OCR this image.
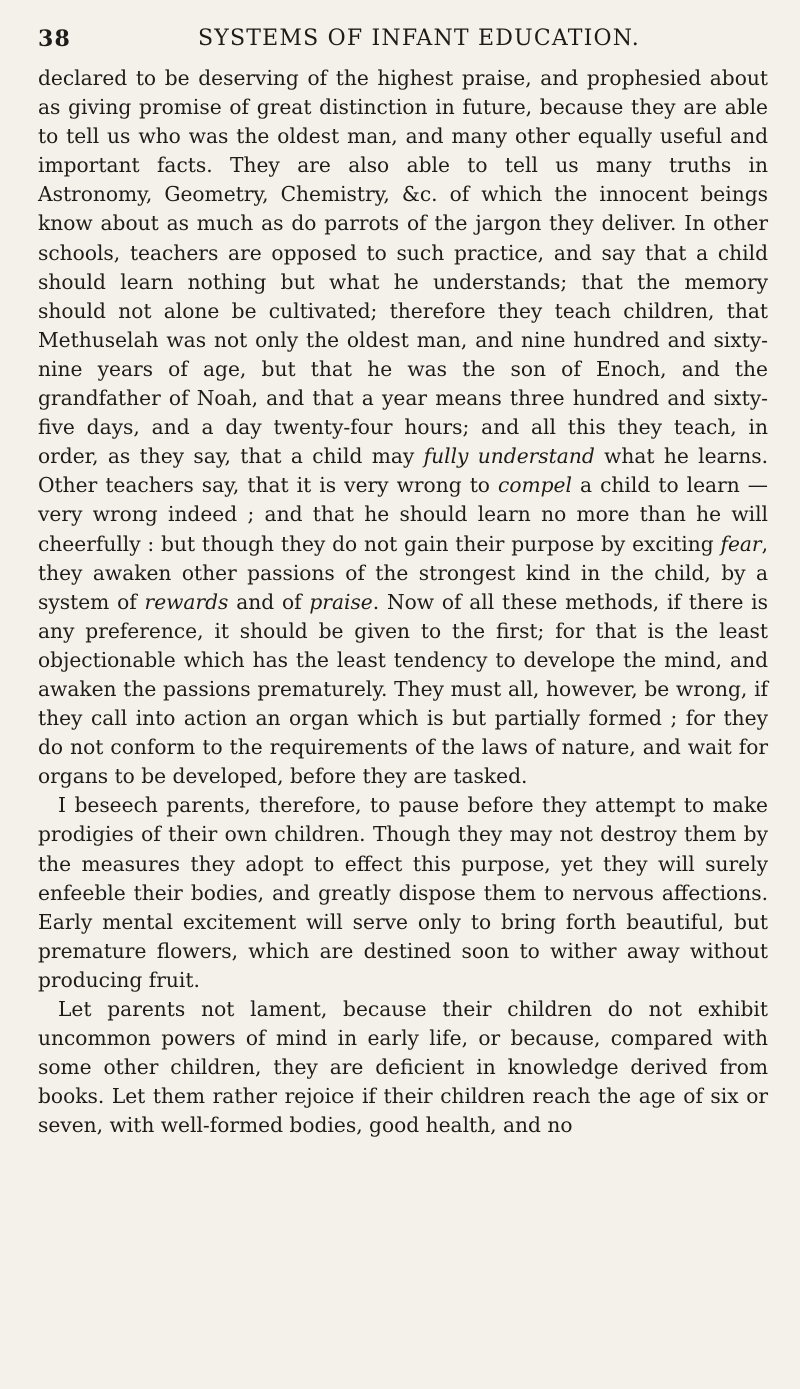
38	SYSTEMS OF INFANT EDUCATION.

declared to be deserving of the highest praise, and prophesied about as giving promise of great distinction in future, because they are able to tell us who was the oldest man, and many other equally useful and important facts. They are also able to tell us many truths in Astronomy, Geometry, Chemistry, &c. of which the innocent beings know about as much as do parrots of the jargon they deliver. In other schools, teachers are opposed to such practice, and say that a child should learn nothing but what he understands; that the memory should not alone be cultivated; therefore they teach children, that Methuselah was not only the oldest man, and nine hundred and sixty-nine years of age, but that he was the son of Enoch, and the grandfather of Noah, and that a year means three hundred and sixty-five days, and a day twenty-four hours; and all this they teach, in order, as they say, that a child may fully understand what he learns. Other teachers say, that it is very wrong to compel a child to learn — very wrong indeed ; and that he should learn no more than he will cheerfully : but though they do not gain their purpose by exciting fear, they awaken other passions of the strongest kind in the child, by a system of rewards and of praise. Now of all these methods, if there is any preference, it should be given to the first; for that is the least objectionable which has the least tendency to develope the mind, and awaken the passions prematurely. They must all, however, be wrong, if they call into action an organ which is but partially formed ; for they do not conform to the requirements of the laws of nature, and wait for organs to be developed, before they are tasked.

I beseech parents, therefore, to pause before they attempt to make prodigies of their own children. Though they may not destroy them by the measures they adopt to effect this purpose, yet they will surely enfeeble their bodies, and greatly dispose them to nervous affections. Early mental excitement will serve only to bring forth beautiful, but premature flowers, which are destined soon to wither away without producing fruit.

Let parents not lament, because their children do not exhibit uncommon powers of mind in early life, or because, compared with some other children, they are deficient in knowledge derived from books. Let them rather rejoice if their children reach the age of six or seven, with well-formed bodies, good health, and no
